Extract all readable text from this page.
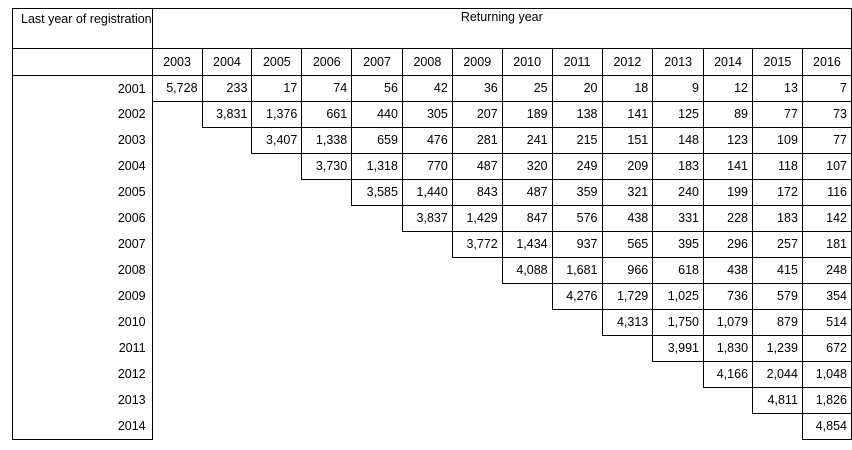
Last year of registration	Returning year													

	2003	2004	2005	2006	2007	2008	2009	2010	2011	2012	2013	2014	2015	2016
2001	5,728	233	17	74	56	42	36	25	20	18	9	12	13	7
2002		3,831	1,376	661	440	305	207	189	138	141	125	89	77	73
2003			3,407	1,338	659	476	281	241	215	151	148	123	109	77
2004				3,730	1,318	770	487	320	249	209	183	141	118	107
2005					3,585	1,440	843	487	359	321	240	199	172	116
2006						3,837	1,429	847	576	438	331	228	183	142
2007							3,772	1,434	937	565	395	296	257	181
2008								4,088	1,681	966	618	438	415	248
2009									4,276	1,729	1,025	736	579	354
2010										4,313	1,750	1,079	879	514
2011											3,991	1,830	1,239	672
2012												4,166	2,044	1,048
2013													4,811	1,826
2014														4,854
